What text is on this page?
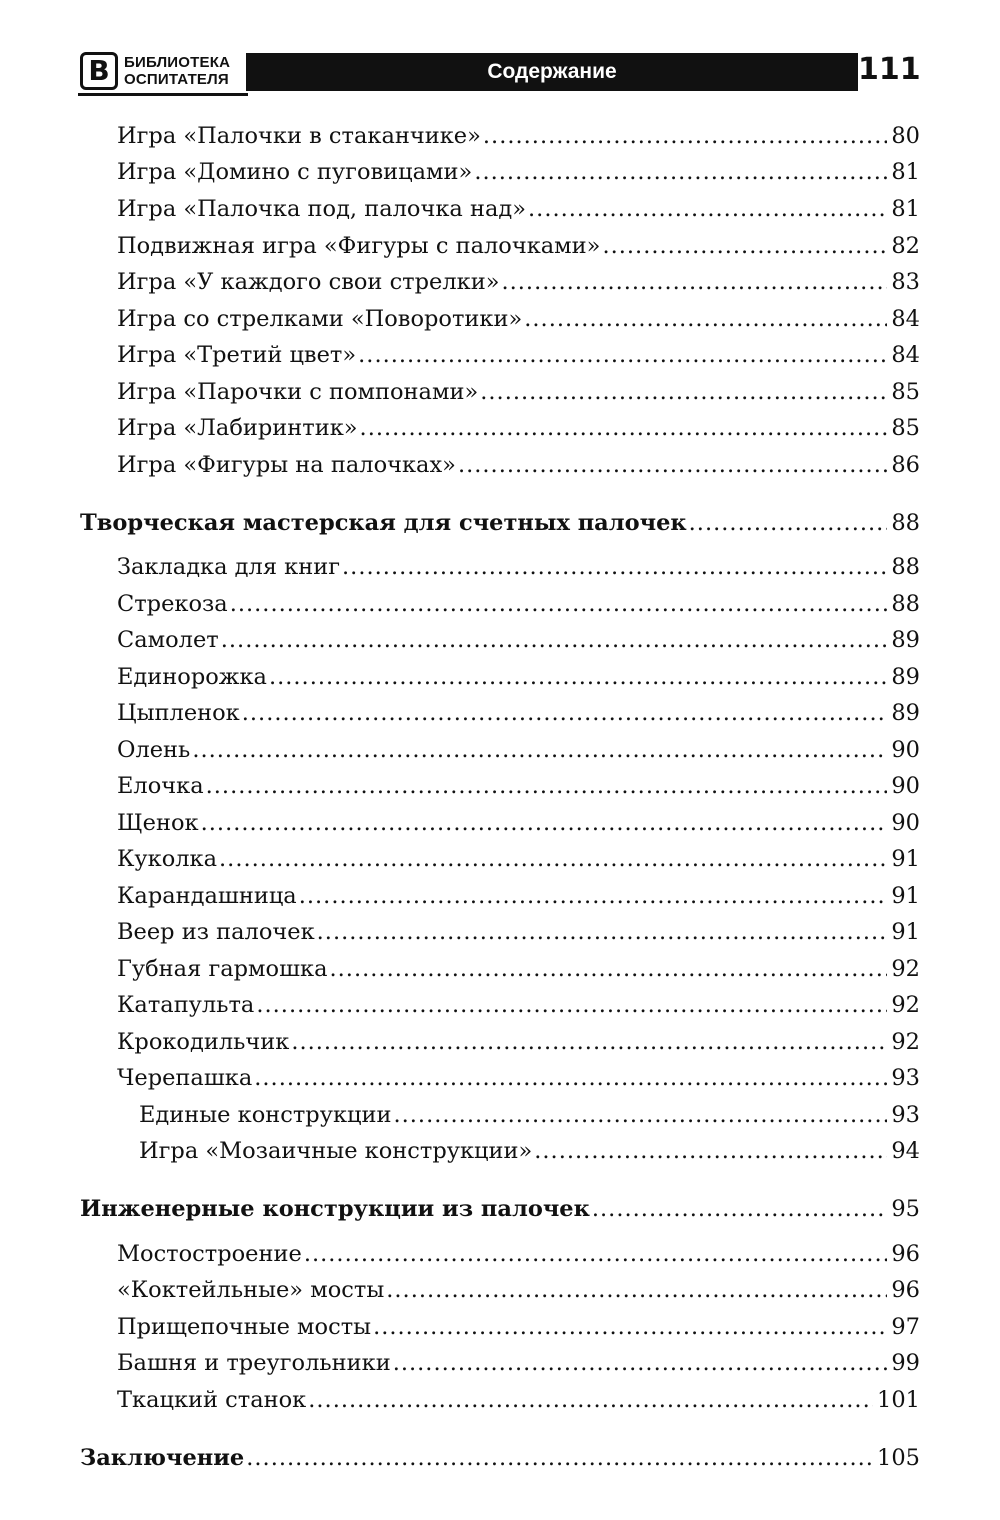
В БИБЛИОТЕКА
ОСПИТАТЕЛЯ	Содержание	111
Игра «Палочки в стаканчике» .....	80
Игра «Домино с пуговицами» .....	81
Игра «Палочка под, палочка над» .....	81
Подвижная игра «Фигуры с палочками» .....	82
Игра «У каждого свои стрелки» .....	83
Игра со стрелками «Поворотики» .....	84
Игра «Третий цвет» .....	84
Игра «Парочки с помпонами» .....	85
Игра «Лабиринтик» .....	85
Игра «Фигуры на палочках» .....	86
Творческая мастерская для счетных палочек .....	88
Закладка для книг .....	88
Стрекоза .....	88
Самолет .....	89
Единорожка .....	89
Цыпленок .....	89
Олень .....	90
Елочка .....	90
Щенок .....	90
Куколка .....	91
Карандашница .....	91
Веер из палочек .....	91
Губная гармошка .....	92
Катапульта .....	92
Крокодильчик .....	92
Черепашка .....	93
Единые конструкции .....	93
Игра «Мозаичные конструкции» .....	94
Инженерные конструкции из палочек .....	95
Мостостроение .....	96
«Коктейльные» мосты .....	96
Прищепочные мосты .....	97
Башня и треугольники .....	99
Ткацкий станок .....	101
Заключение .....	105
